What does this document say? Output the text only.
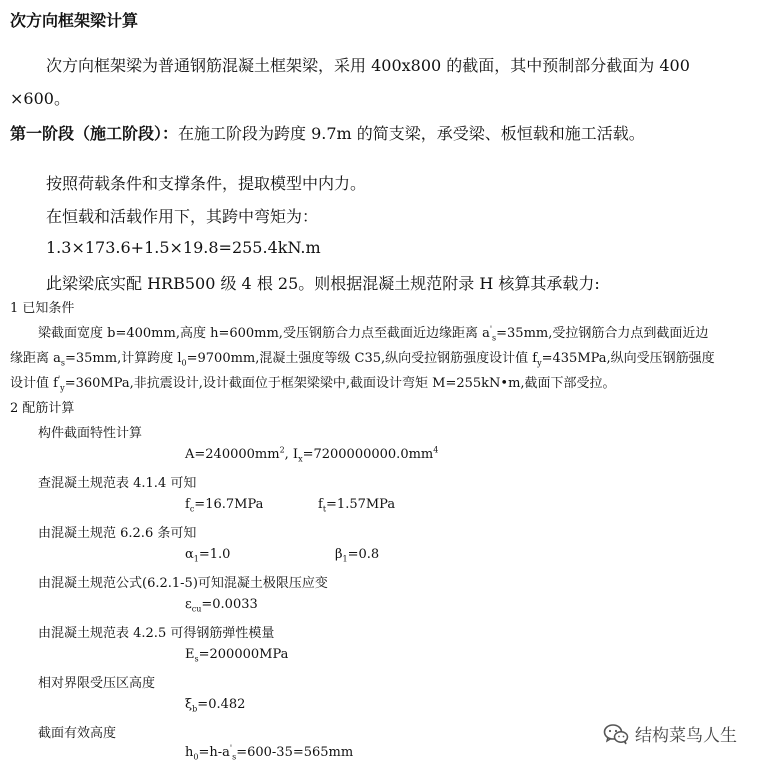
次方向框架梁计算
次方向框架梁为普通钢筋混凝土框架梁，采用 400x800 的截面，其中预制部分截面为 400
×600。
第一阶段（施工阶段）：在施工阶段为跨度 9.7m 的简支梁，承受梁、板恒载和施工活载。
按照荷载条件和支撑条件，提取模型中内力。
在恒载和活载作用下，其跨中弯矩为：
1.3×173.6+1.5×19.8=255.4kN.m
此梁梁底实配 HRB500 级 4 根 25。则根据混凝土规范附录 H 核算其承载力:
1 已知条件
梁截面宽度 b=400mm,高度 h=600mm,受压钢筋合力点至截面近边缘距离 $a'_s=35mm$,受拉钢筋合力点到截面近边
缘距离 $a_s=35mm$,计算跨度 $l_0=9700mm$,混凝土强度等级 C35,纵向受拉钢筋强度设计值 $f_y=435MPa$,纵向受压钢筋强度
设计值 $f'_y=360MPa$,非抗震设计,设计截面位于框架梁梁中,截面设计弯矩 M=255kN•m,截面下部受拉。
2 配筋计算
构件截面特性计算
$A=240000mm^2$, $I_x=7200000000.0mm^4$
查混凝土规范表 4.1.4 可知
$f_c=16.7MPa$	$f_t=1.57MPa$
由混凝土规范 6.2.6 条可知
$\alpha_1=1.0$	$\beta_1=0.8$
由混凝土规范公式(6.2.1-5)可知混凝土极限压应变
$\varepsilon_{cu}=0.0033$
由混凝土规范表 4.2.5 可得钢筋弹性模量
$E_s=200000MPa$
相对界限受压区高度
$\xi_b=0.482$
截面有效高度
$h_0=h-a'_s=600-35=565mm$
结构菜鸟人生
